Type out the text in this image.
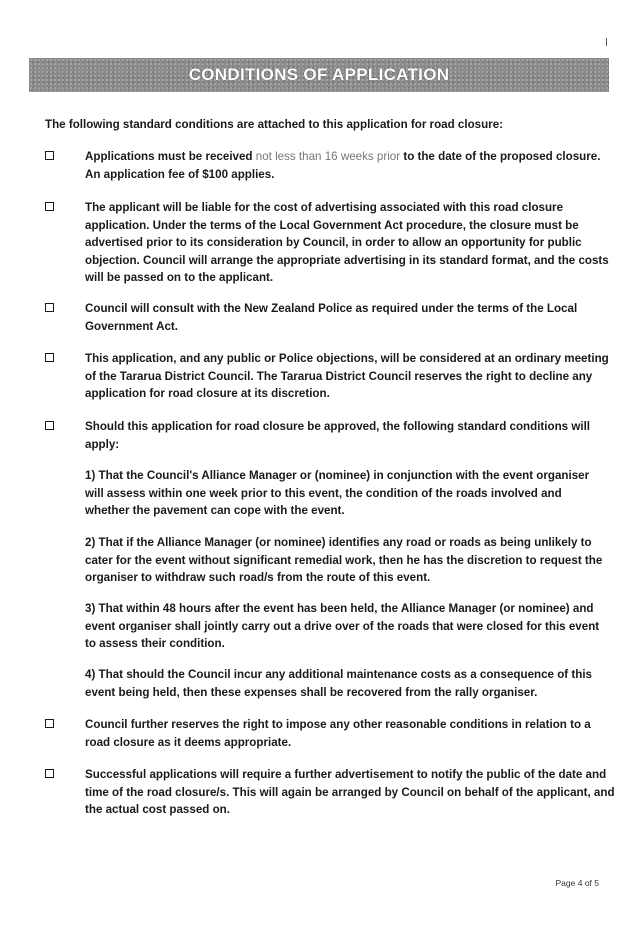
CONDITIONS OF APPLICATION
The following standard conditions are attached to this application for road closure:
Applications must be received not less than 16 weeks prior to the date of the proposed closure. An application fee of $100 applies.
The applicant will be liable for the cost of advertising associated with this road closure application. Under the terms of the Local Government Act procedure, the closure must be advertised prior to its consideration by Council, in order to allow an opportunity for public objection. Council will arrange the appropriate advertising in its standard format, and the costs will be passed on to the applicant.
Council will consult with the New Zealand Police as required under the terms of the Local Government Act.
This application, and any public or Police objections, will be considered at an ordinary meeting of the Tararua District Council. The Tararua District Council reserves the right to decline any application for road closure at its discretion.
Should this application for road closure be approved, the following standard conditions will apply:
1) That the Council's Alliance Manager or (nominee) in conjunction with the event organiser will assess within one week prior to this event, the condition of the roads involved and whether the pavement can cope with the event.
2) That if the Alliance Manager (or nominee) identifies any road or roads as being unlikely to cater for the event without significant remedial work, then he has the discretion to request the organiser to withdraw such road/s from the route of this event.
3) That within 48 hours after the event has been held, the Alliance Manager (or nominee) and event organiser shall jointly carry out a drive over of the roads that were closed for this event to assess their condition.
4) That should the Council incur any additional maintenance costs as a consequence of this event being held, then these expenses shall be recovered from the rally organiser.
Council further reserves the right to impose any other reasonable conditions in relation to a road closure as it deems appropriate.
Successful applications will require a further advertisement to notify the public of the date and time of the road closure/s. This will again be arranged by Council on behalf of the applicant, and the actual cost passed on.
Page 4 of 5
